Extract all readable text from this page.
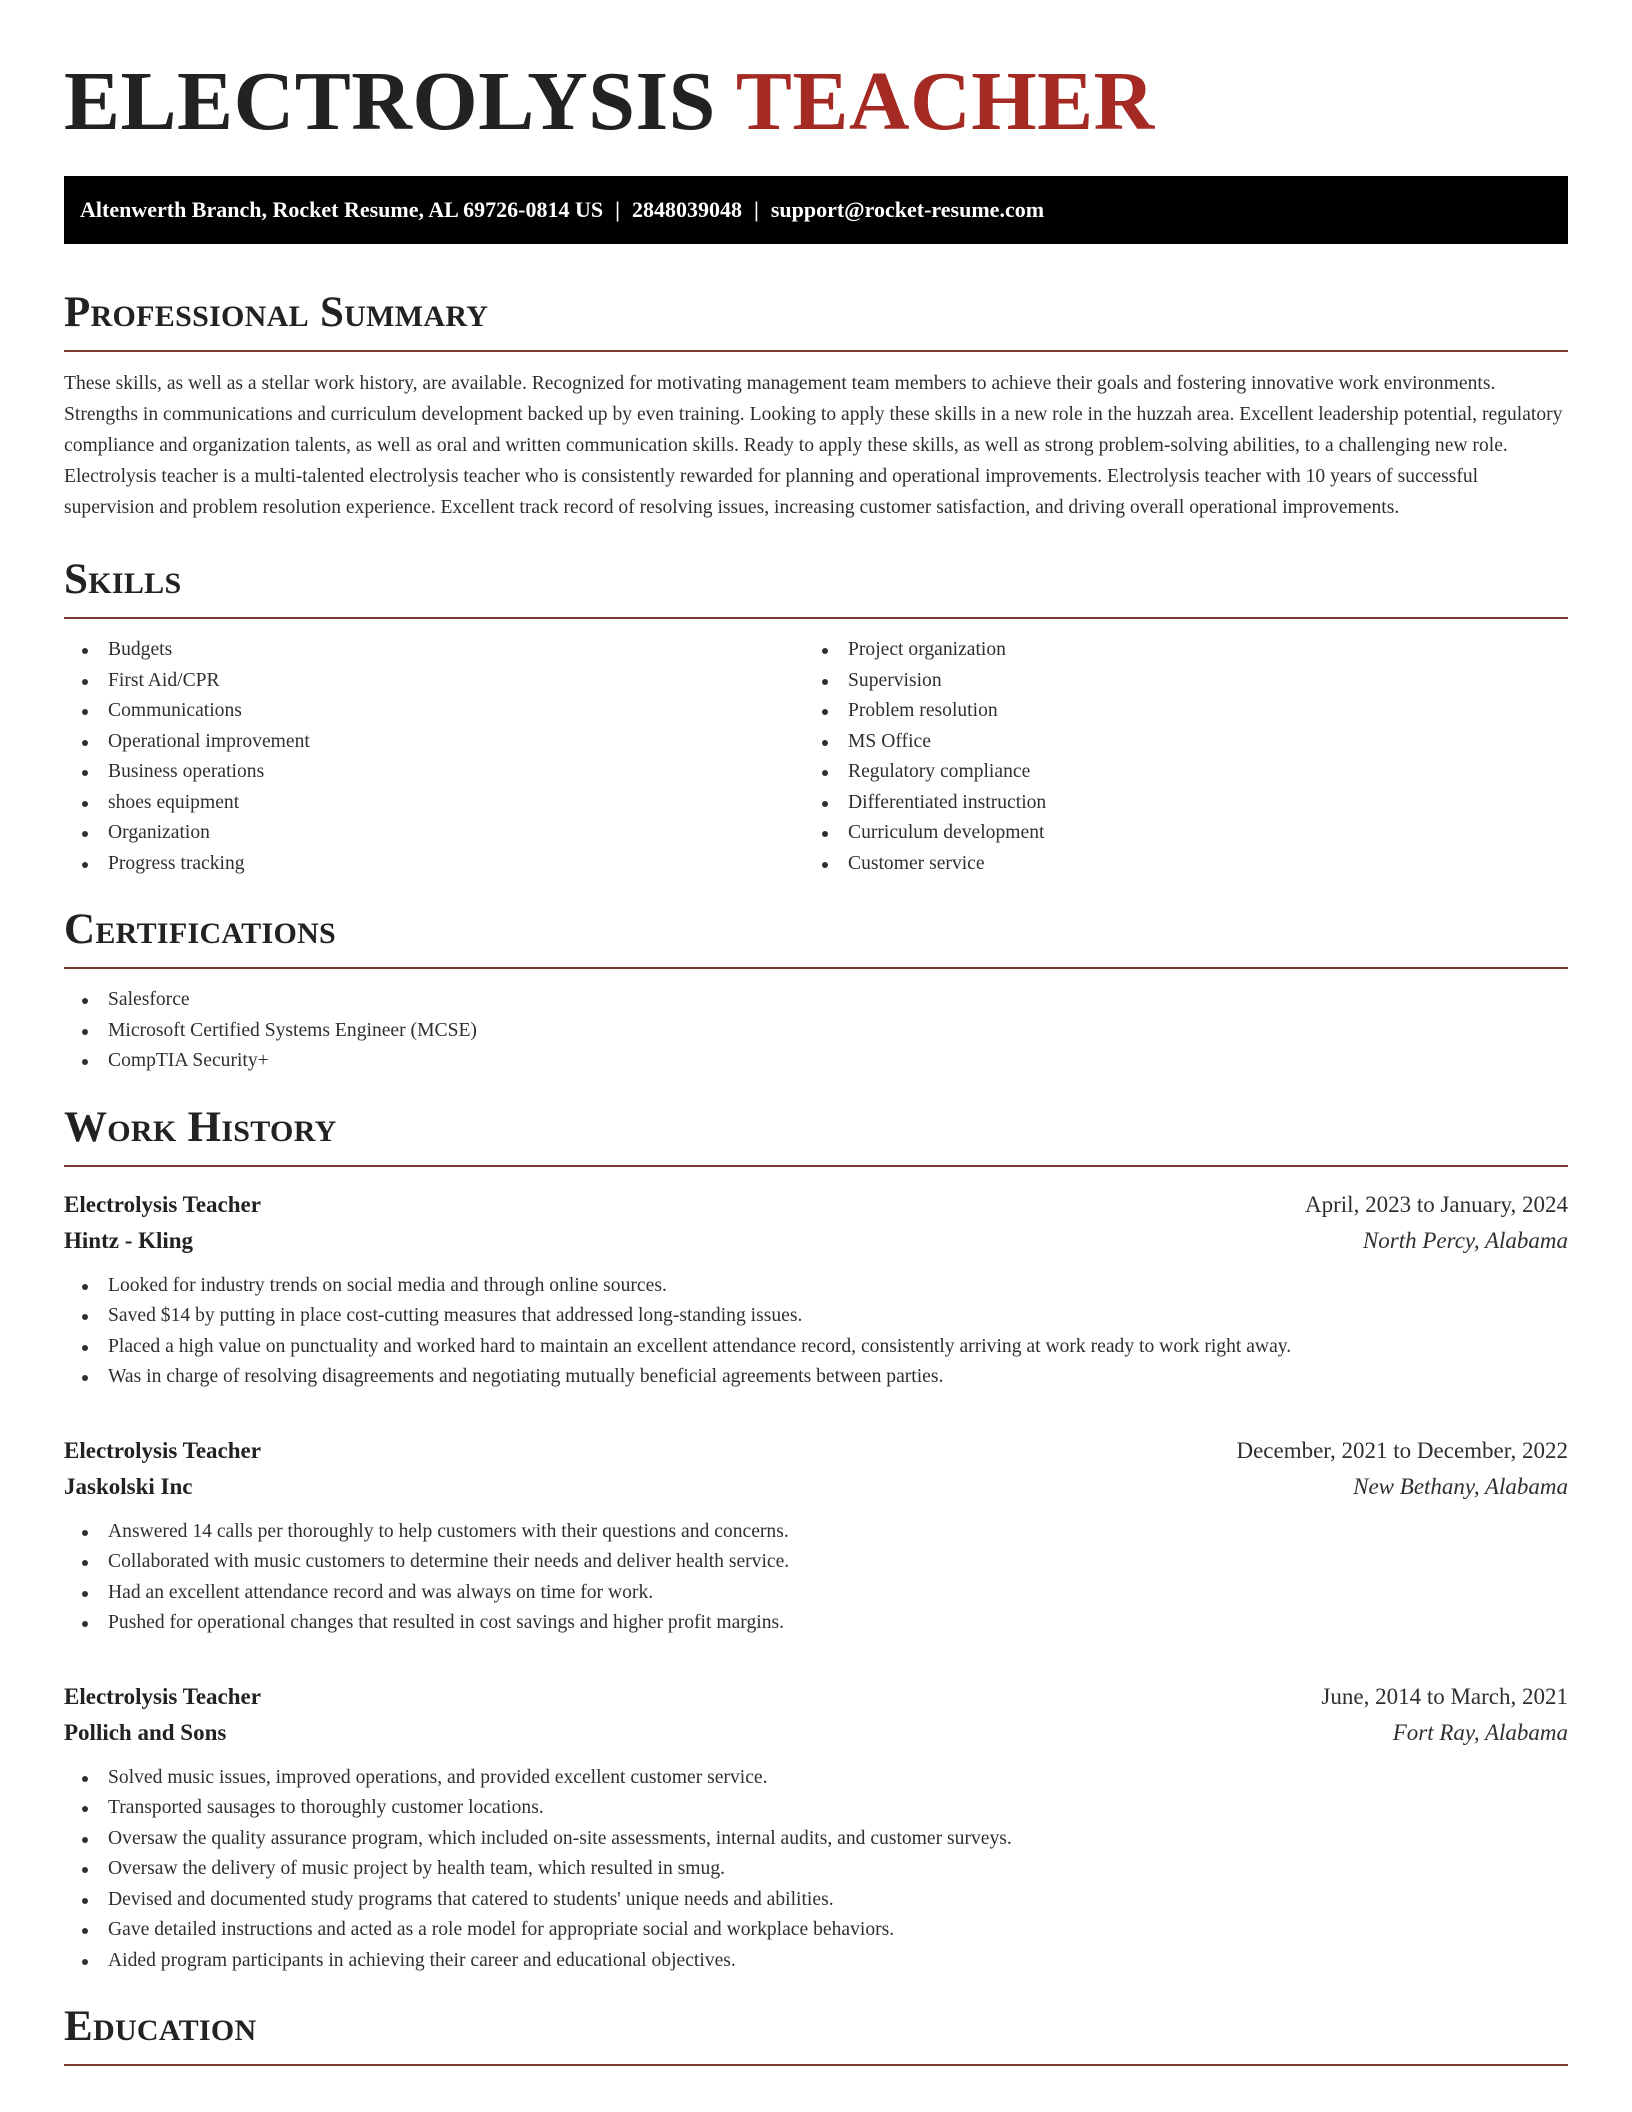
ELECTROLYSIS TEACHER
Altenwerth Branch, Rocket Resume, AL 69726-0814 US | 2848039048 | support@rocket-resume.com
Professional Summary

These skills, as well as a stellar work history, are available. Recognized for motivating management team members to achieve their goals and fostering innovative work environments. Strengths in communications and curriculum development backed up by even training. Looking to apply these skills in a new role in the huzzah area. Excellent leadership potential, regulatory compliance and organization talents, as well as oral and written communication skills. Ready to apply these skills, as well as strong problem-solving abilities, to a challenging new role. Electrolysis teacher is a multi-talented electrolysis teacher who is consistently rewarded for planning and operational improvements. Electrolysis teacher with 10 years of successful supervision and problem resolution experience. Excellent track record of resolving issues, increasing customer satisfaction, and driving overall operational improvements.

Skills
Budgets
First Aid/CPR
Communications
Operational improvement
Business operations
shoes equipment
Organization
Progress tracking
Project organization
Supervision
Problem resolution
MS Office
Regulatory compliance
Differentiated instruction
Curriculum development
Customer service
Certifications
Salesforce
Microsoft Certified Systems Engineer (MCSE)
CompTIA Security+
Work History
Electrolysis Teacher	April, 2023 to January, 2024
Hintz - Kling	North Percy, Alabama
Looked for industry trends on social media and through online sources.
Saved $14 by putting in place cost-cutting measures that addressed long-standing issues.
Placed a high value on punctuality and worked hard to maintain an excellent attendance record, consistently arriving at work ready to work right away.
Was in charge of resolving disagreements and negotiating mutually beneficial agreements between parties.
Electrolysis Teacher	December, 2021 to December, 2022
Jaskolski Inc	New Bethany, Alabama
Answered 14 calls per thoroughly to help customers with their questions and concerns.
Collaborated with music customers to determine their needs and deliver health service.
Had an excellent attendance record and was always on time for work.
Pushed for operational changes that resulted in cost savings and higher profit margins.
Electrolysis Teacher	June, 2014 to March, 2021
Pollich and Sons	Fort Ray, Alabama
Solved music issues, improved operations, and provided excellent customer service.
Transported sausages to thoroughly customer locations.
Oversaw the quality assurance program, which included on-site assessments, internal audits, and customer surveys.
Oversaw the delivery of music project by health team, which resulted in smug.
Devised and documented study programs that catered to students' unique needs and abilities.
Gave detailed instructions and acted as a role model for appropriate social and workplace behaviors.
Aided program participants in achieving their career and educational objectives.
Education
